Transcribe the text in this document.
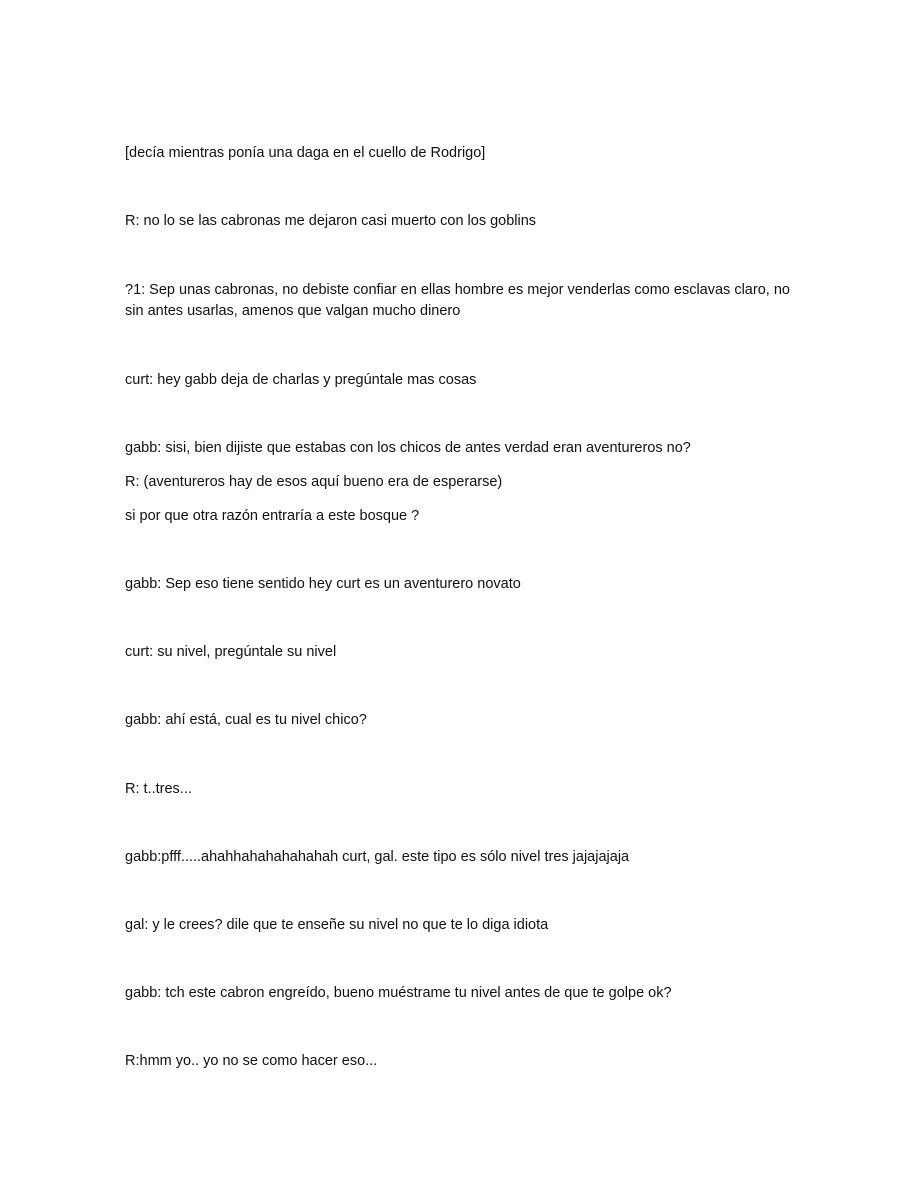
[decía mientras ponía una daga en el cuello de Rodrigo]

R: no lo se las cabronas me dejaron casi muerto con los goblins

?1: Sep unas cabronas, no debiste confiar en ellas hombre es mejor venderlas como esclavas claro, no sin antes usarlas, amenos que valgan mucho dinero

curt: hey gabb deja de charlas y pregúntale mas cosas

gabb: sisi, bien dijiste que estabas con los chicos de antes verdad eran aventureros no?

R: (aventureros hay de esos aquí bueno era de esperarse)

si por que otra razón entraría a este bosque ?

gabb: Sep eso tiene sentido hey curt es un aventurero novato

curt: su nivel, pregúntale su nivel

gabb: ahí está, cual es tu nivel chico?

R: t..tres...

gabb:pfff.....ahahhahahahahahah curt, gal. este tipo es sólo nivel tres jajajajaja

gal: y le crees? dile que te enseñe su nivel no que te lo diga idiota

gabb: tch este cabron engreído, bueno muéstrame tu nivel antes de que te golpe ok?

R:hmm yo.. yo no se como hacer eso...
